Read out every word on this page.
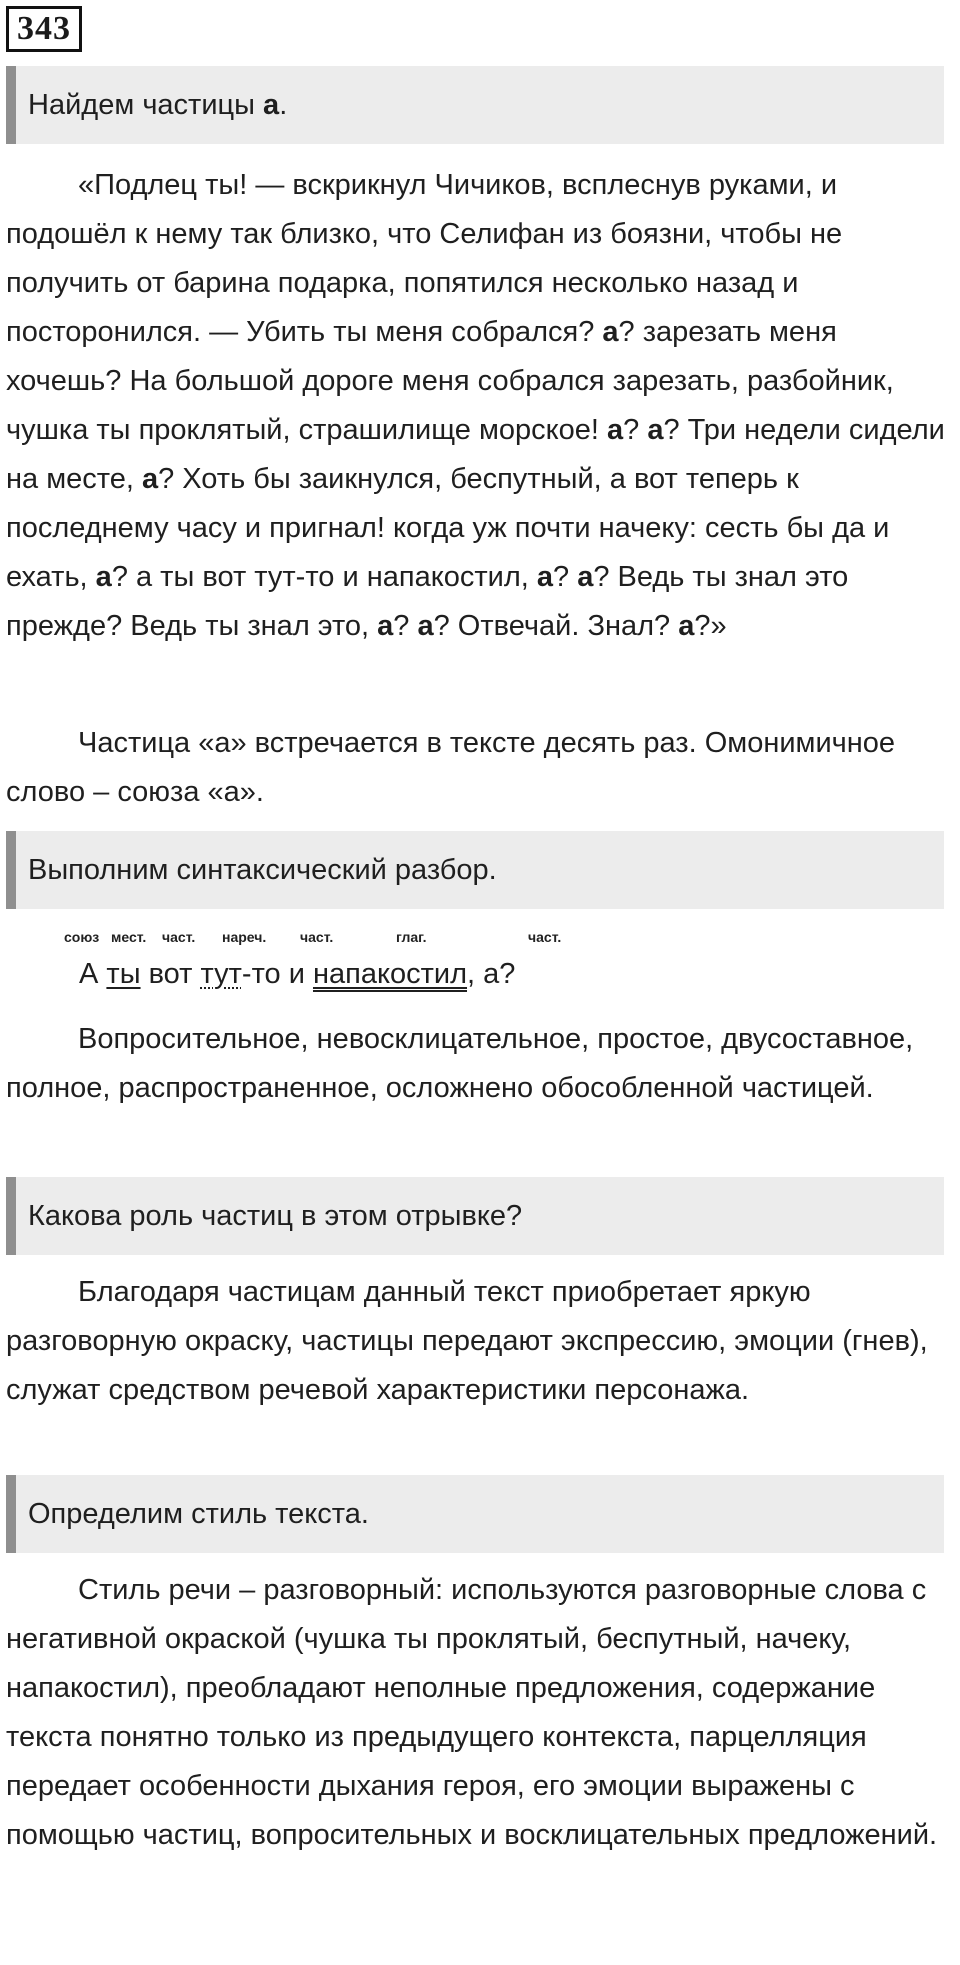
343
Найдем частицы а.

«Подлец ты! — вскрикнул Чичиков, всплеснув руками, и подошёл к нему так близко, что Селифан из боязни, чтобы не получить от барина подарка, попятился несколько назад и посторонился. — Убить ты меня собрался? а? зарезать меня хочешь? На большой дороге меня собрался зарезать, разбойник, чушка ты проклятый, страшилище морское! а? а? Три недели сидели на месте, а? Хоть бы заикнулся, беспутный, а вот теперь к последнему часу и пригнал! когда уж почти начеку: сесть бы да и ехать, а? а ты вот тут-то и напакостил, а? а? Ведь ты знал это прежде? Ведь ты знал это, а? а? Отвечай. Знал? а?»

Частица «а» встречается в тексте десять раз. Омонимичное слово – союза «а».

Выполним синтаксический разбор.
союз мест. част. нареч. част.	глаг.	част.
А ты вот тут-то и напакостил, а?

Вопросительное, невосклицательное, простое, двусоставное, полное, распространенное, осложнено обособленной частицей.

Какова роль частиц в этом отрывке?

Благодаря частицам данный текст приобретает яркую разговорную окраску, частицы передают экспрессию, эмоции (гнев), служат средством речевой характеристики персонажа.

Определим стиль текста.

Стиль речи – разговорный: используются разговорные слова с негативной окраской (чушка ты проклятый, беспутный, начеку, напакостил), преобладают неполные предложения, содержание текста понятно только из предыдущего контекста, парцелляция передает особенности дыхания героя, его эмоции выражены с помощью частиц, вопросительных и восклицательных предложений.
